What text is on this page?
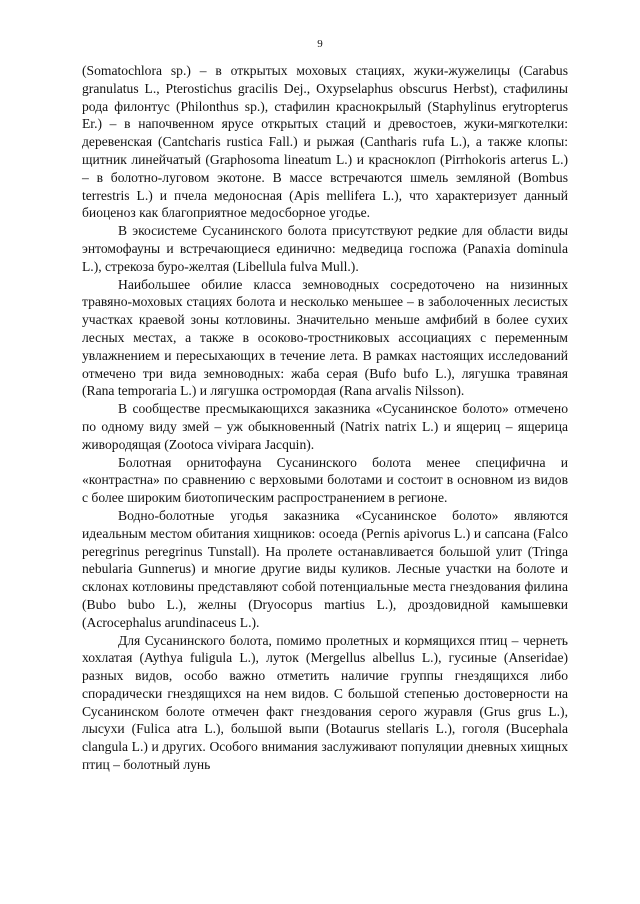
9

(Somatochlora sp.) – в открытых моховых стациях, жуки-жужелицы (Carabus granulatus L., Pterostichus gracilis Dej., Oxypselaphus obscurus Herbst), стафилины рода филонтус (Philonthus sp.), стафилин краснокрылый (Staphylinus erytropterus Er.) – в напочвенном ярусе открытых стаций и древостоев, жуки-мягкотелки: деревенская (Cantcharis rustica Fall.) и рыжая (Cantharis rufa L.), а также клопы: щитник линейчатый (Graphosoma lineatum L.) и красноклоп (Pirrhokoris arterus L.) – в болотно-луговом экотоне. В массе встречаются шмель земляной (Bombus terrestris L.) и пчела медоносная (Apis mellifera L.), что характеризует данный биоценоз как благоприятное медосборное угодье.

В экосистеме Сусанинского болота присутствуют редкие для области виды энтомофауны и встречающиеся единично: медведица госпожа (Panaxia dominula L.), стрекоза буро-желтая (Libellula fulva Mull.).

Наибольшее обилие класса земноводных сосредоточено на низинных травяно-моховых стациях болота и несколько меньшее – в заболоченных лесистых участках краевой зоны котловины. Значительно меньше амфибий в более сухих лесных местах, а также в осоково-тростниковых ассоциациях с переменным увлажнением и пересыхающих в течение лета. В рамках настоящих исследований отмечено три вида земноводных: жаба серая (Bufo bufo L.), лягушка травяная (Rana temporaria L.) и лягушка остромордая (Rana arvalis Nilsson).

В сообществе пресмыкающихся заказника «Сусанинское болото» отмечено по одному виду змей – уж обыкновенный (Natrix natrix L.) и ящериц – ящерица живородящая (Zootoca vivipara Jacquin).

Болотная орнитофауна Сусанинского болота менее специфична и «контрастна» по сравнению с верховыми болотами и состоит в основном из видов с более широким биотопическим распространением в регионе.

Водно-болотные угодья заказника «Сусанинское болото» являются идеальным местом обитания хищников: осоеда (Pernis apivorus L.) и сапсана (Falco peregrinus peregrinus Tunstall). На пролете останавливается большой улит (Tringa nebularia Gunnerus) и многие другие виды куликов. Лесные участки на болоте и склонах котловины представляют собой потенциальные места гнездования филина (Bubo bubo L.), желны (Dryocopus martius L.), дроздовидной камышевки (Acrocephalus arundinaceus L.).

Для Сусанинского болота, помимо пролетных и кормящихся птиц – чернеть хохлатая (Aythya fuligula L.), луток (Mergellus albellus L.), гусиные (Anseridae) разных видов, особо важно отметить наличие группы гнездящихся либо спорадически гнездящихся на нем видов. С большой степенью достоверности на Сусанинском болоте отмечен факт гнездования серого журавля (Grus grus L.), лысухи (Fulica atra L.), большой выпи (Botaurus stellaris L.), гоголя (Bucephala clangula L.) и других. Особого внимания заслуживают популяции дневных хищных птиц – болотный лунь
